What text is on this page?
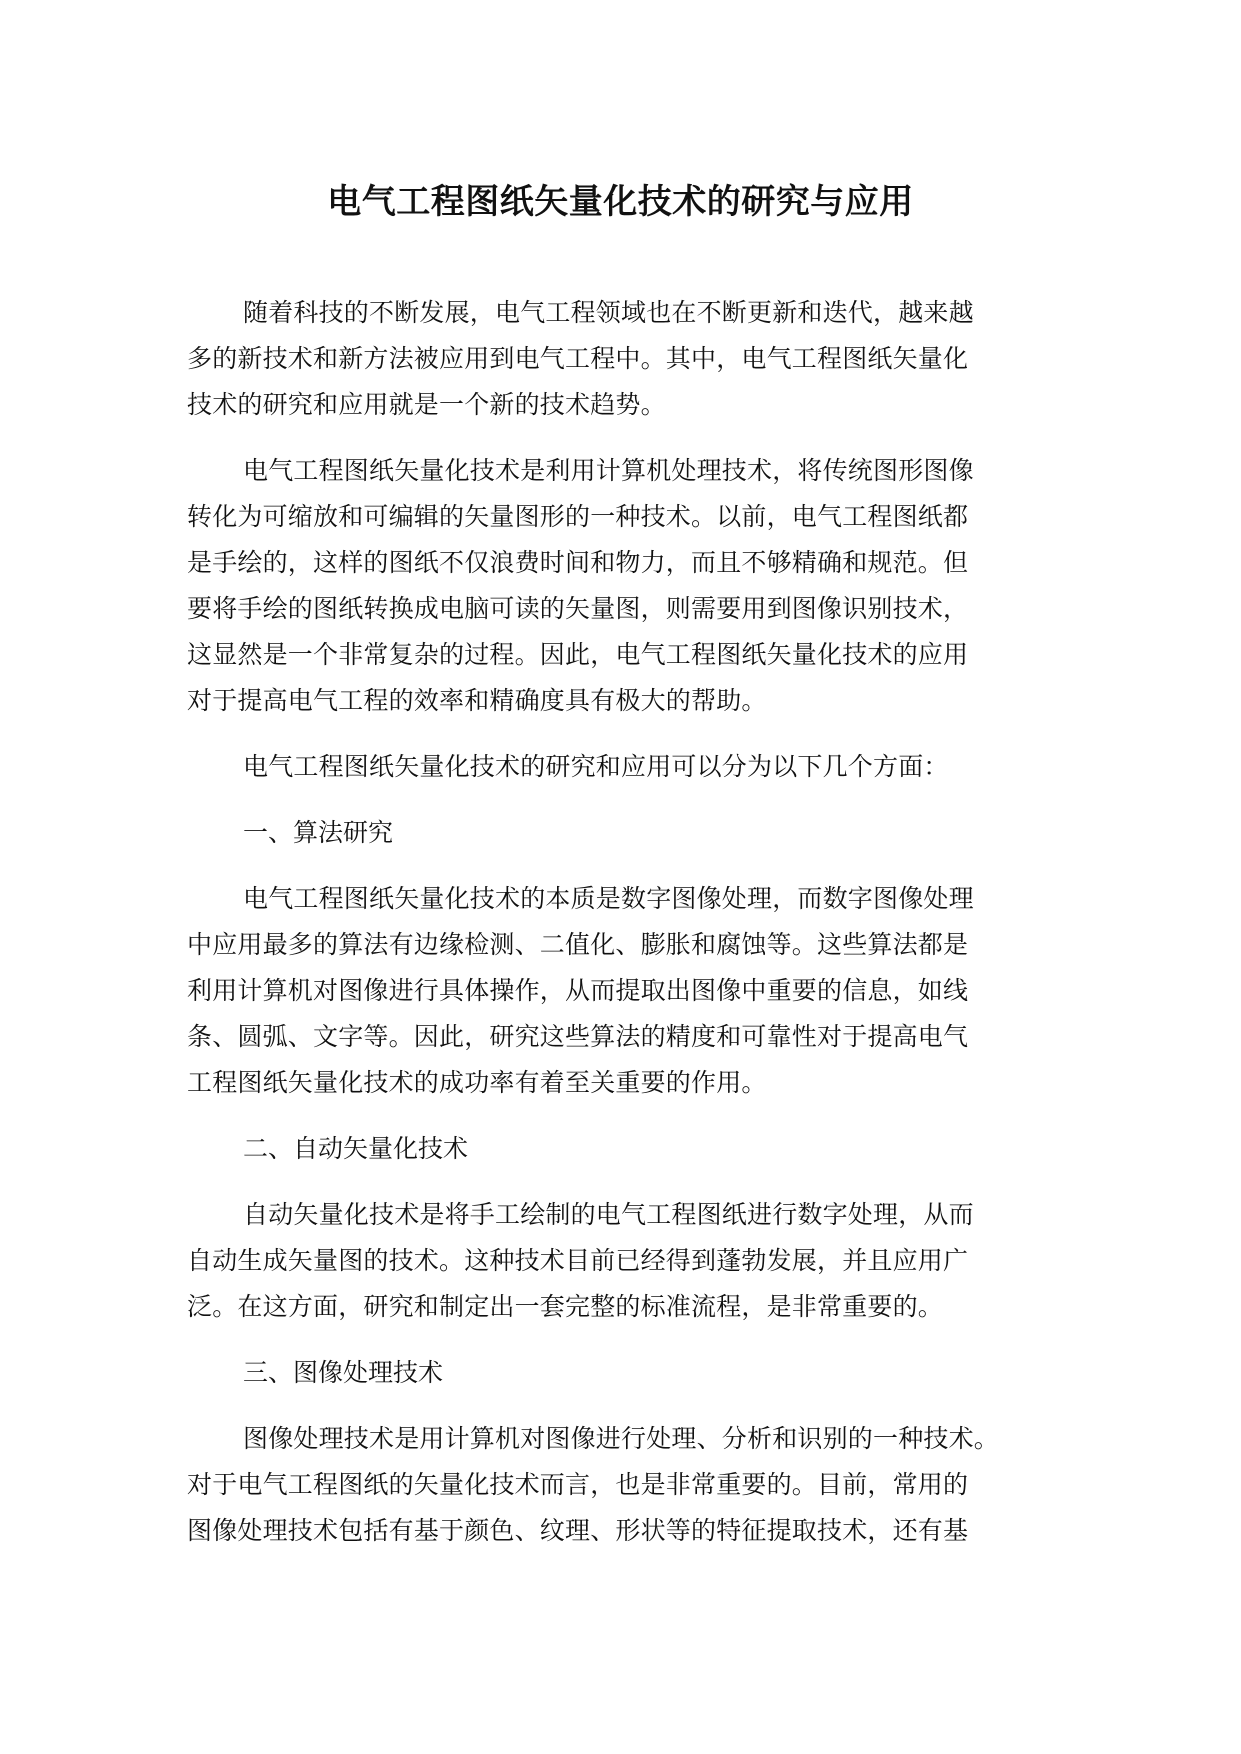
电气工程图纸矢量化技术的研究与应用

随着科技的不断发展，电气工程领域也在不断更新和迭代，越来越
多的新技术和新方法被应用到电气工程中。其中，电气工程图纸矢量化
技术的研究和应用就是一个新的技术趋势。

电气工程图纸矢量化技术是利用计算机处理技术，将传统图形图像
转化为可缩放和可编辑的矢量图形的一种技术。以前，电气工程图纸都
是手绘的，这样的图纸不仅浪费时间和物力，而且不够精确和规范。但
要将手绘的图纸转换成电脑可读的矢量图，则需要用到图像识别技术，
这显然是一个非常复杂的过程。因此，电气工程图纸矢量化技术的应用
对于提高电气工程的效率和精确度具有极大的帮助。

电气工程图纸矢量化技术的研究和应用可以分为以下几个方面：

一、算法研究

电气工程图纸矢量化技术的本质是数字图像处理，而数字图像处理
中应用最多的算法有边缘检测、二值化、膨胀和腐蚀等。这些算法都是
利用计算机对图像进行具体操作，从而提取出图像中重要的信息，如线
条、圆弧、文字等。因此，研究这些算法的精度和可靠性对于提高电气
工程图纸矢量化技术的成功率有着至关重要的作用。

二、自动矢量化技术

自动矢量化技术是将手工绘制的电气工程图纸进行数字处理，从而
自动生成矢量图的技术。这种技术目前已经得到蓬勃发展，并且应用广
泛。在这方面，研究和制定出一套完整的标准流程，是非常重要的。

三、图像处理技术

图像处理技术是用计算机对图像进行处理、分析和识别的一种技术。
对于电气工程图纸的矢量化技术而言，也是非常重要的。目前，常用的
图像处理技术包括有基于颜色、纹理、形状等的特征提取技术，还有基
